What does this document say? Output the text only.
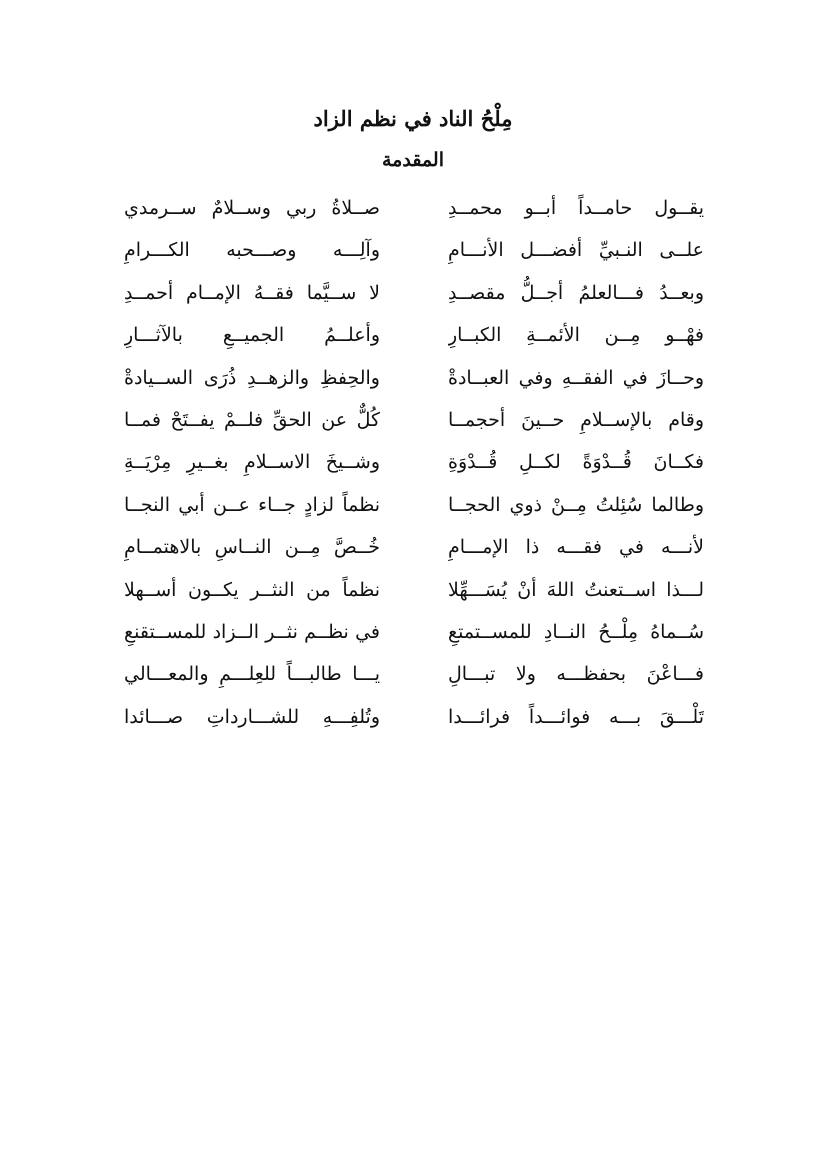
مِلْحُ الناد في نظم الزاد
المقدمة
يقــول حامــداً أبــو محمــدِ
صــلاةُ ربي وســلامٌ ســرمدي
علــى النـبيِّ أفضـــل الأنـــامِ
وآلِـــه وصـــحبه الكـــرامِ
وبعــدُ فـــالعلمُ أجــلُّ مقصــدِ
لا ســيَّما فقــهُ الإمــام أحمــدِ
فهْــو مِــن الأئمــةِ الكبــارِ
وأعلــمُ الجميــعِ بالآثـــارِ
وحــازَ في الفقــهِ وفي العبــادةْ
والحِفظِ والزهــدِ ذُرَى الســيادةْ
وقام بالإســلامِ حــينَ أحجمــا
كُلٌّ عن الحقِّ فلــمْ يفــتَحْ فمــا
فكــانَ قُــدْوَةً لكــلِ قُــدْوَةِ
وشــيخَ الاســلامِ بغــيرِ مِرْيَــةِ
وطالما سُئِلتُ مِــنْ ذوي الحجــا
نظماً لزادٍ جــاء عــن أبي النجــا
لأنـــه في فقـــه ذا الإمـــامِ
خُــصَّ مِــن النــاسِ بالاهتمــامِ
لـــذا اســتعنتُ اللهَ أنْ يُسَـــهِّلا
نظماً من النثــر يكــون أســهلا
سُــماهُ مِلْــحُ النــادِ للمســتمتعِ
في نظــم نثــر الــزاد للمســتقنعِ
فـــاعْنَ بحفظـــه ولا تبـــالِ
يـــا طالبـــاً للعِلـــمِ والمعـــالي
تَلْـــقَ بـــه فوائـــداً فرائـــدا
وتُلفِـــهِ للشـــارداتِ صـــائدا
